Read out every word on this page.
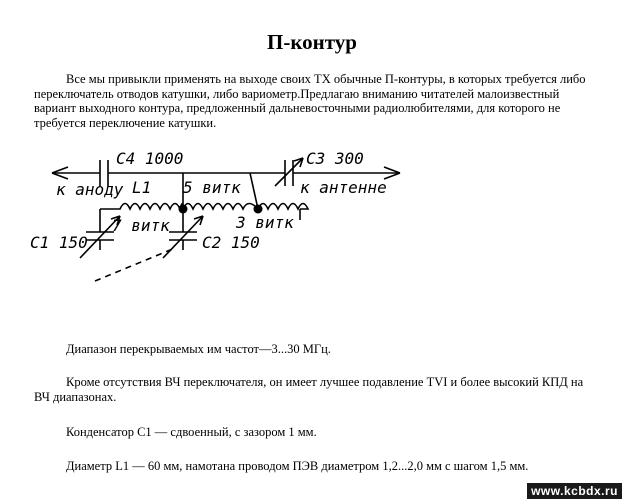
П-контур

Все мы привыкли применять на выходе своих ТХ обычные П-контуры, в которых требуется либо переключатель отводов катушки, либо вариометр.Предлагаю вниманию читателей малоизвестный вариант выходного контура, предложенный дальневосточными радиолюбителями, для которого не требуется переключение катушки.

C4 1000
к аноду L1 5 витк
C3 300
к антенне
7 витк	3 витк
C1 150	C2 150

Диапазон перекрываемых им частот—3...30 МГц.

Кроме отсутствия ВЧ переключателя, он имеет лучшее подавление TVI и более высокий КПД на ВЧ диапазонах.

Конденсатор С1 — сдвоенный, с зазором 1 мм.

Диаметр L1 — 60 мм, намотана проводом ПЭВ диаметром 1,2...2,0 мм с шагом 1,5 мм.

www.kcbdx.ru
